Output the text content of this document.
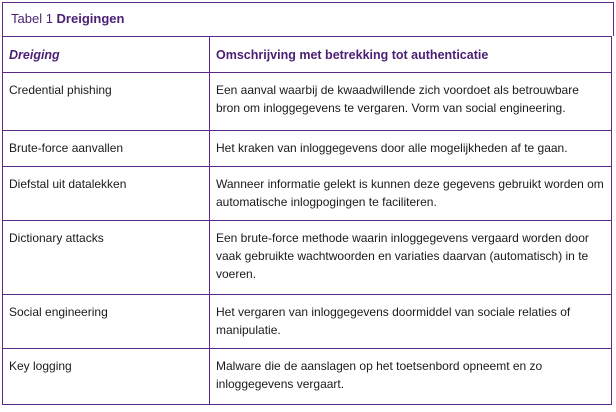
Tabel 1 Dreigingen
Dreiging	Omschrijving met betrekking tot authenticatie
Credential phishing	Een aanval waarbij de kwaadwillende zich voordoet als betrouwbare bron om inloggegevens te vergaren. Vorm van social engineering.
Brute-force aanvallen	Het kraken van inloggegevens door alle mogelijkheden af te gaan.
Diefstal uit datalekken	Wanneer informatie gelekt is kunnen deze gegevens gebruikt worden om automatische inlogpogingen te faciliteren.
Dictionary attacks	Een brute-force methode waarin inloggegevens vergaard worden door vaak gebruikte wachtwoorden en variaties daarvan (automatisch) in te voeren.
Social engineering	Het vergaren van inloggegevens doormiddel van sociale relaties of manipulatie.
Key logging	Malware die de aanslagen op het toetsenbord opneemt en zo inloggegevens vergaart.
